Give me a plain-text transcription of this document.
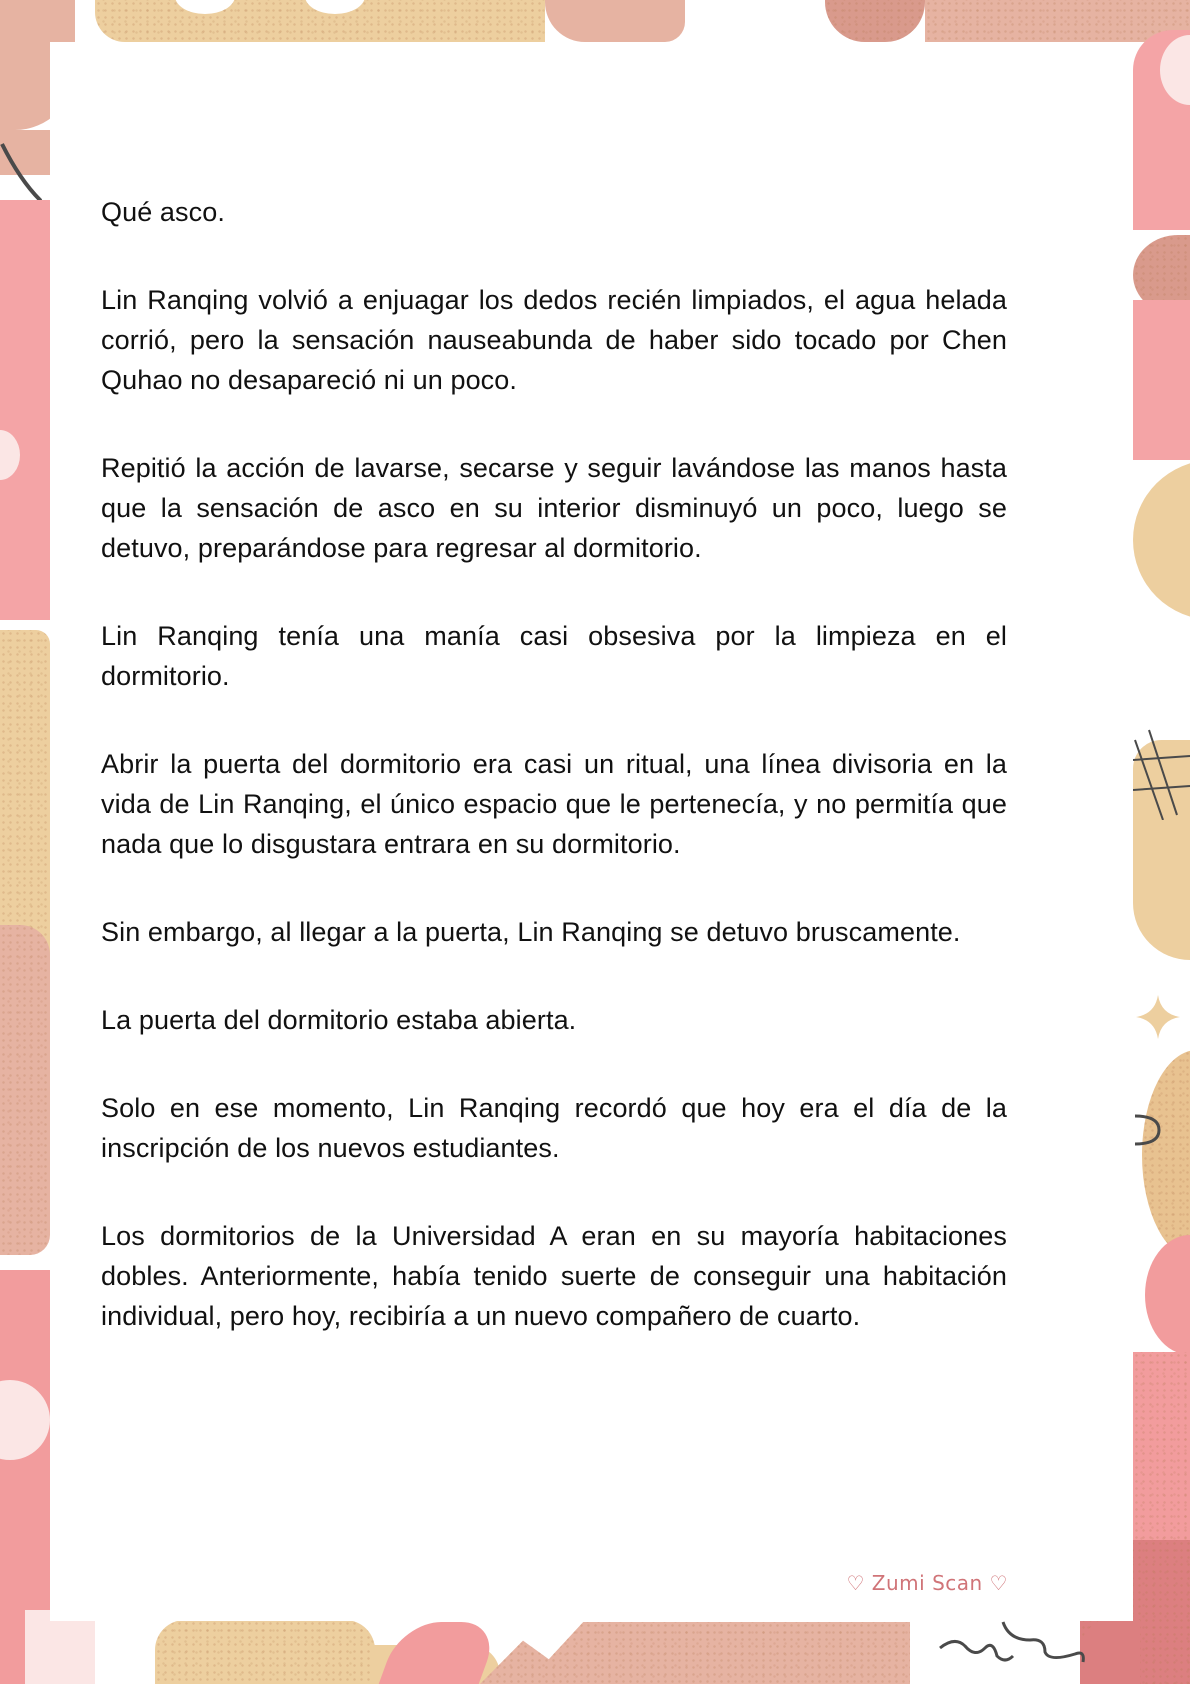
Qué asco.

Lin Ranqing volvió a enjuagar los dedos recién limpiados, el agua helada corrió, pero la sensación nauseabunda de haber sido tocado por Chen Quhao no desapareció ni un poco.

Repitió la acción de lavarse, secarse y seguir lavándose las manos hasta que la sensación de asco en su interior disminuyó un poco, luego se detuvo, preparándose para regresar al dormitorio.

Lin Ranqing tenía una manía casi obsesiva por la limpieza en el dormitorio.

Abrir la puerta del dormitorio era casi un ritual, una línea divisoria en la vida de Lin Ranqing, el único espacio que le pertenecía, y no permitía que nada que lo disgustara entrara en su dormitorio.

Sin embargo, al llegar a la puerta, Lin Ranqing se detuvo bruscamente.

La puerta del dormitorio estaba abierta.

Solo en ese momento, Lin Ranqing recordó que hoy era el día de la inscripción de los nuevos estudiantes.

Los dormitorios de la Universidad A eran en su mayoría habitaciones dobles. Anteriormente, había tenido suerte de conseguir una habitación individual, pero hoy, recibiría a un nuevo compañero de cuarto.

♡ Zumi Scan ♡
